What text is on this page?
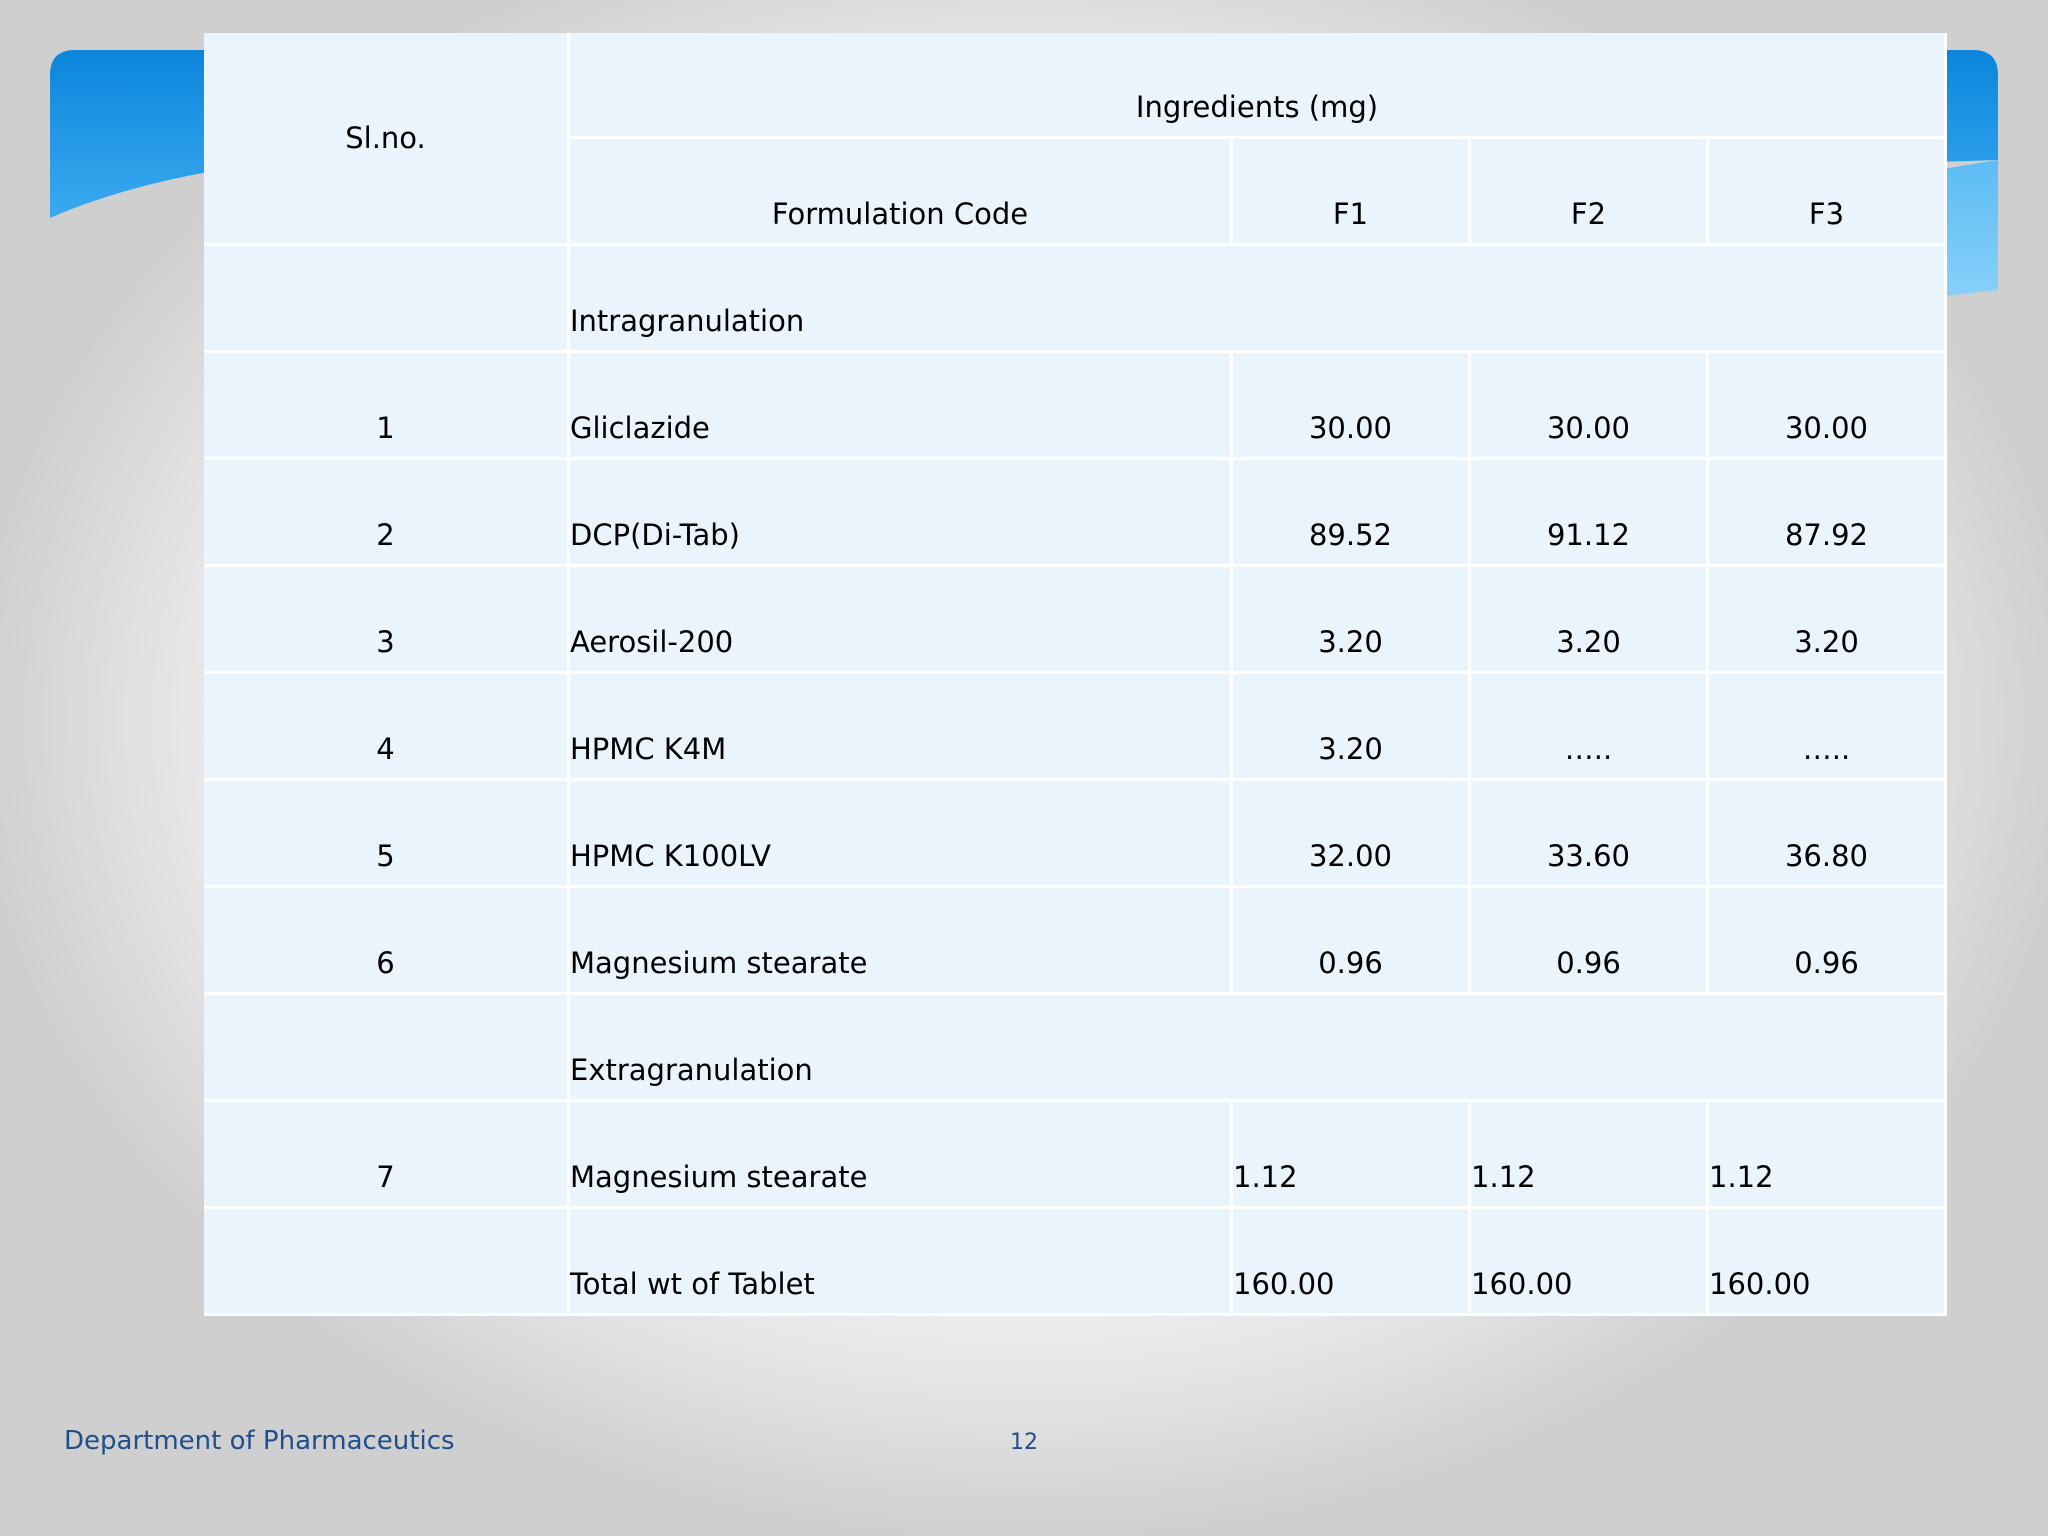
Sl.no.
Ingredients (mg)
Formulation Code	F1	F2	F3
Intragranulation
1	Gliclazide	30.00	30.00	30.00
2	DCP(Di-Tab)	89.52	91.12	87.92
3	Aerosil-200	3.20	3.20	3.20
4	HPMC K4M	3.20	…..	…..
5	HPMC K100LV	32.00	33.60	36.80
6	Magnesium stearate	0.96	0.96	0.96
Extragranulation
7	Magnesium stearate	1.12	1.12	1.12
Total wt of Tablet	160.00	160.00	160.00
Department of Pharmaceutics	12
